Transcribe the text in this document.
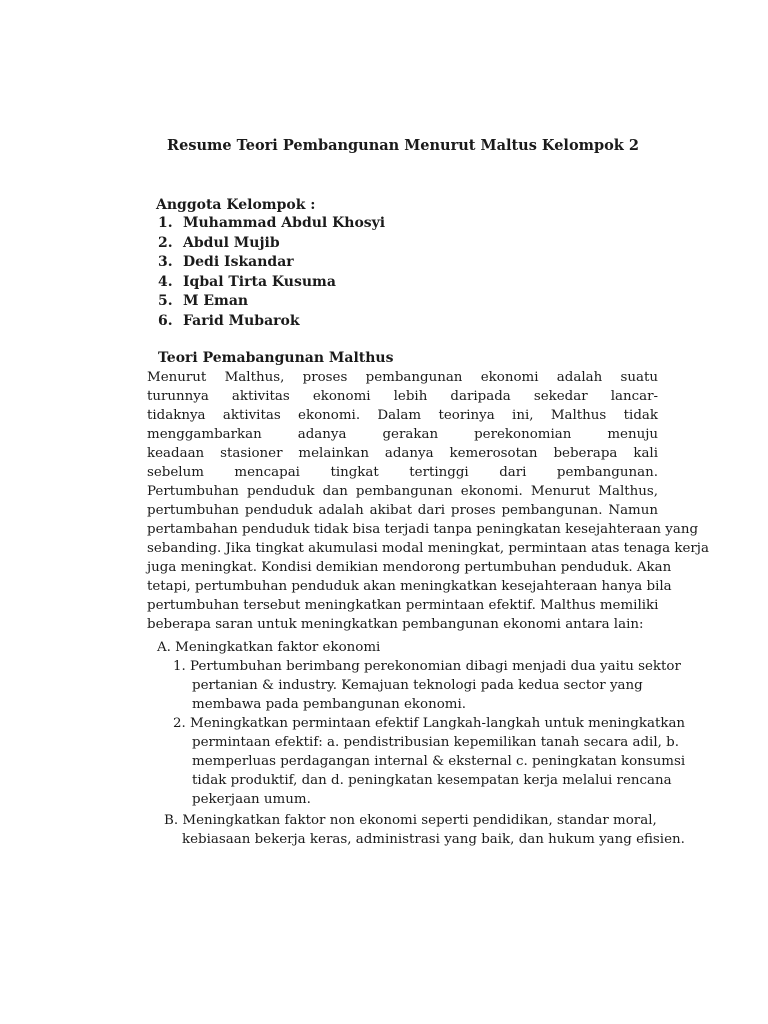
Resume Teori Pembangunan Menurut Maltus Kelompok 2
Anggota Kelompok :
1. Muhammad Abdul Khosyi
2. Abdul Mujib
3. Dedi Iskandar
4. Iqbal Tirta Kusuma
5. M Eman
6. Farid Mubarok
Teori Pemabangunan Malthus
Menurut Malthus, proses pembangunan ekonomi adalah suatu
turunnya aktivitas ekonomi lebih daripada sekedar lancar-
tidaknya aktivitas ekonomi. Dalam teorinya ini, Malthus tidak
menggambarkan adanya gerakan perekonomian menuju
keadaan stasioner melainkan adanya kemerosotan beberapa kali
sebelum mencapai tingkat tertinggi dari pembangunan.
Pertumbuhan penduduk dan pembangunan ekonomi. Menurut Malthus,
pertumbuhan penduduk adalah akibat dari proses pembangunan. Namun
pertambahan penduduk tidak bisa terjadi tanpa peningkatan kesejahteraan yang
sebanding. Jika tingkat akumulasi modal meningkat, permintaan atas tenaga kerja
juga meningkat. Kondisi demikian mendorong pertumbuhan penduduk. Akan
tetapi, pertumbuhan penduduk akan meningkatkan kesejahteraan hanya bila
pertumbuhan tersebut meningkatkan permintaan efektif. Malthus memiliki
beberapa saran untuk meningkatkan pembangunan ekonomi antara lain:
A. Meningkatkan faktor ekonomi
1. Pertumbuhan berimbang perekonomian dibagi menjadi dua yaitu sektor
pertanian & industry. Kemajuan teknologi pada kedua sector yang
membawa pada pembangunan ekonomi.
2. Meningkatkan permintaan efektif Langkah-langkah untuk meningkatkan
permintaan efektif: a. pendistribusian kepemilikan tanah secara adil, b.
memperluas perdagangan internal & eksternal c. peningkatan konsumsi
tidak produktif, dan d. peningkatan kesempatan kerja melalui rencana
pekerjaan umum.
B. Meningkatkan faktor non ekonomi seperti pendidikan, standar moral,
kebiasaan bekerja keras, administrasi yang baik, dan hukum yang efisien.
